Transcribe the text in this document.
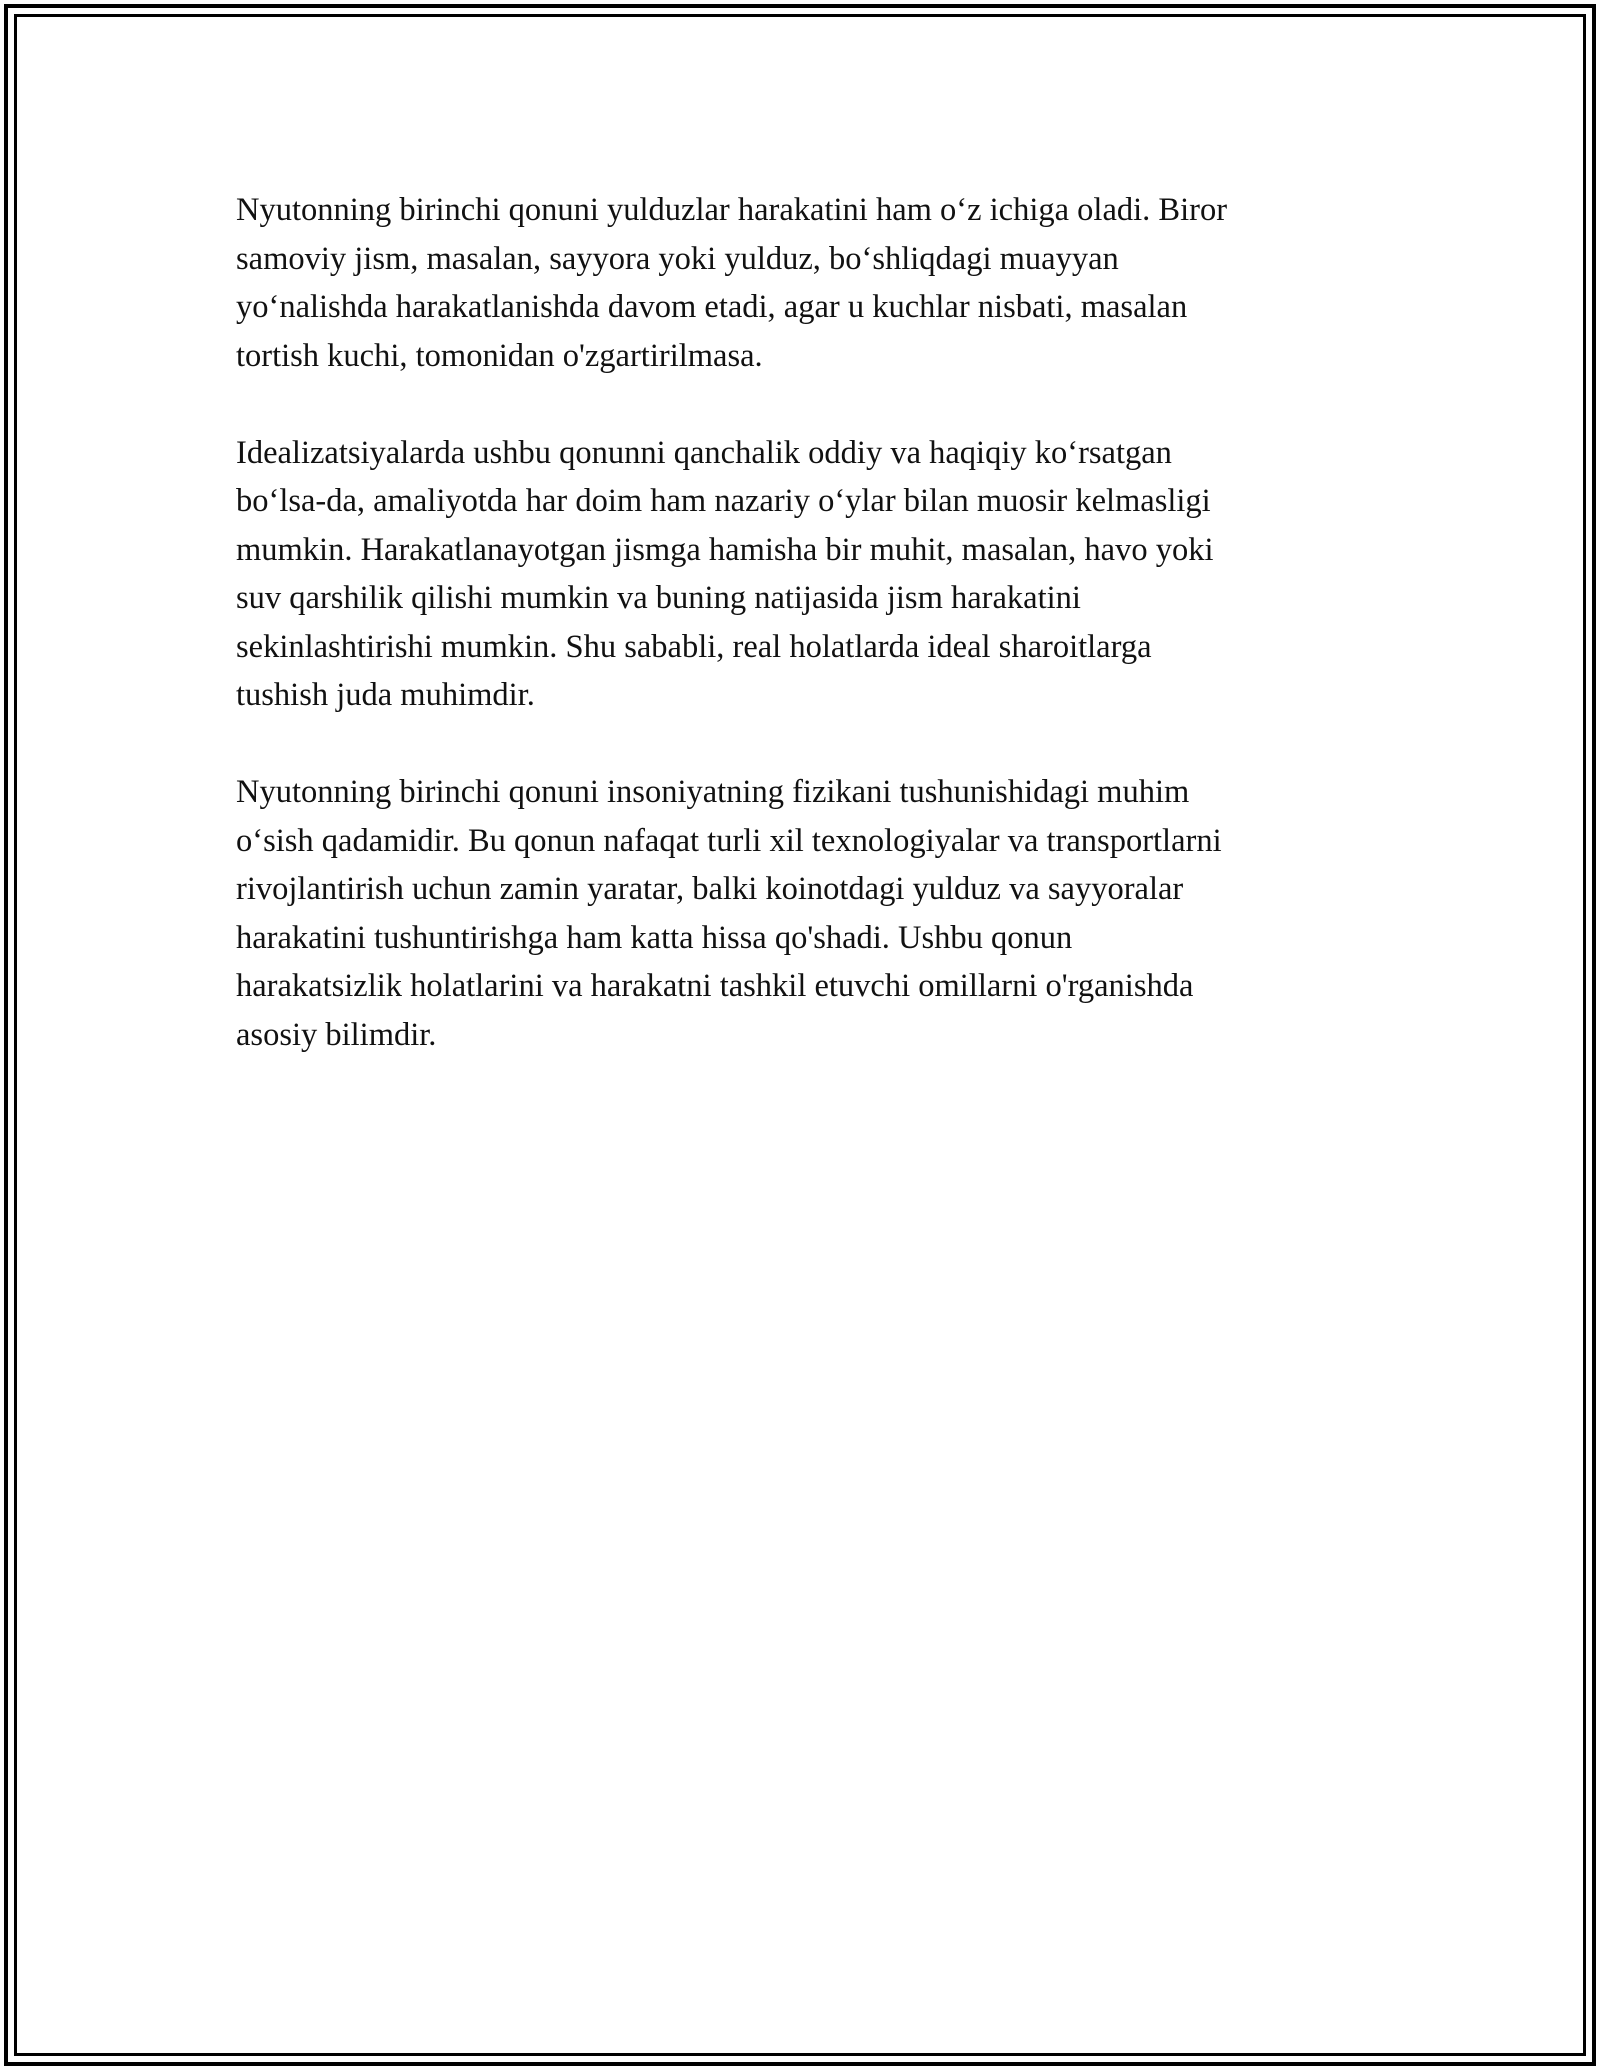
Nyutonning birinchi qonuni yulduzlar harakatini ham o‘z ichiga oladi. Biror
samoviy jism, masalan, sayyora yoki yulduz, bo‘shliqdagi muayyan
yo‘nalishda harakatlanishda davom etadi, agar u kuchlar nisbati, masalan
tortish kuchi, tomonidan o'zgartirilmasa.

Idealizatsiyalarda ushbu qonunni qanchalik oddiy va haqiqiy ko‘rsatgan
bo‘lsa-da, amaliyotda har doim ham nazariy o‘ylar bilan muosir kelmasligi
mumkin. Harakatlanayotgan jismga hamisha bir muhit, masalan, havo yoki
suv qarshilik qilishi mumkin va buning natijasida jism harakatini
sekinlashtirishi mumkin. Shu sababli, real holatlarda ideal sharoitlarga
tushish juda muhimdir.

Nyutonning birinchi qonuni insoniyatning fizikani tushunishidagi muhim
o‘sish qadamidir. Bu qonun nafaqat turli xil texnologiyalar va transportlarni
rivojlantirish uchun zamin yaratar, balki koinotdagi yulduz va sayyoralar
harakatini tushuntirishga ham katta hissa qo'shadi. Ushbu qonun
harakatsizlik holatlarini va harakatni tashkil etuvchi omillarni o'rganishda
asosiy bilimdir.
